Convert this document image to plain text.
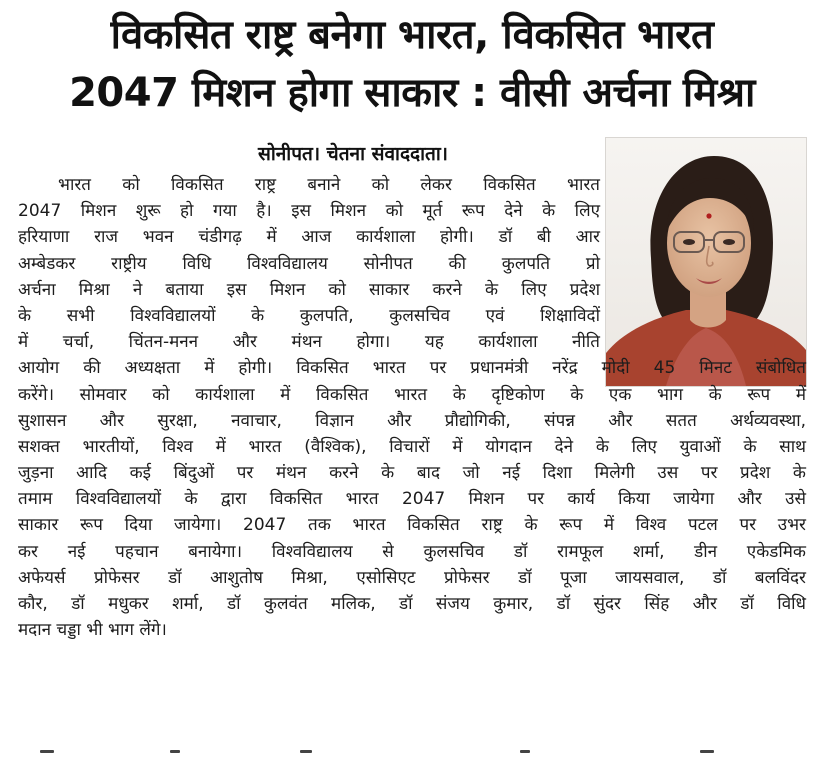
विकसित राष्ट्र बनेगा भारत, विकसित भारत
2047 मिशन होगा साकार : वीसी अर्चना मिश्रा
सोनीपत। चेतना संवाददाता।
भारत को विकसित राष्ट्र बनाने को लेकर विकसित भारत
2047 मिशन शुरू हो गया है। इस मिशन को मूर्त रूप देने के लिए
हरियाणा राज भवन चंडीगढ़ में आज कार्यशाला होगी। डॉ बी आर
अम्बेडकर राष्ट्रीय विधि विश्वविद्यालय सोनीपत की कुलपति प्रो
अर्चना मिश्रा ने बताया इस मिशन को साकार करने के लिए प्रदेश
के सभी विश्वविद्यालयों के कुलपति, कुलसचिव एवं शिक्षाविदों
में चर्चा, चिंतन-मनन और मंथन होगा। यह कार्यशाला नीति
आयोग की अध्यक्षता में होगी। विकसित भारत पर प्रधानमंत्री नरेंद्र मोदी 45 मिनट संबोधित
करेंगे। सोमवार को कार्यशाला में विकसित भारत के दृष्टिकोण के एक भाग के रूप में
सुशासन और सुरक्षा, नवाचार, विज्ञान और प्रौद्योगिकी, संपन्न और सतत अर्थव्यवस्था,
सशक्त भारतीयों, विश्व में भारत (वैश्विक), विचारों में योगदान देने के लिए युवाओं के साथ
जुड़ना आदि कई बिंदुओं पर मंथन करने के बाद जो नई दिशा मिलेगी उस पर प्रदेश के
तमाम विश्वविद्यालयों के द्वारा विकसित भारत 2047 मिशन पर कार्य किया जायेगा और उसे
साकार रूप दिया जायेगा। 2047 तक भारत विकसित राष्ट्र के रूप में विश्व पटल पर उभर
कर नई पहचान बनायेगा। विश्वविद्यालय से कुलसचिव डॉ रामफूल शर्मा, डीन एकेडमिक
अफेयर्स प्रोफेसर डॉ आशुतोष मिश्रा, एसोसिएट प्रोफेसर डॉ पूजा जायसवाल, डॉ बलविंदर
कौर, डॉ मधुकर शर्मा, डॉ कुलवंत मलिक, डॉ संजय कुमार, डॉ सुंदर सिंह और डॉ विधि
मदान चड्डा भी भाग लेंगे।
